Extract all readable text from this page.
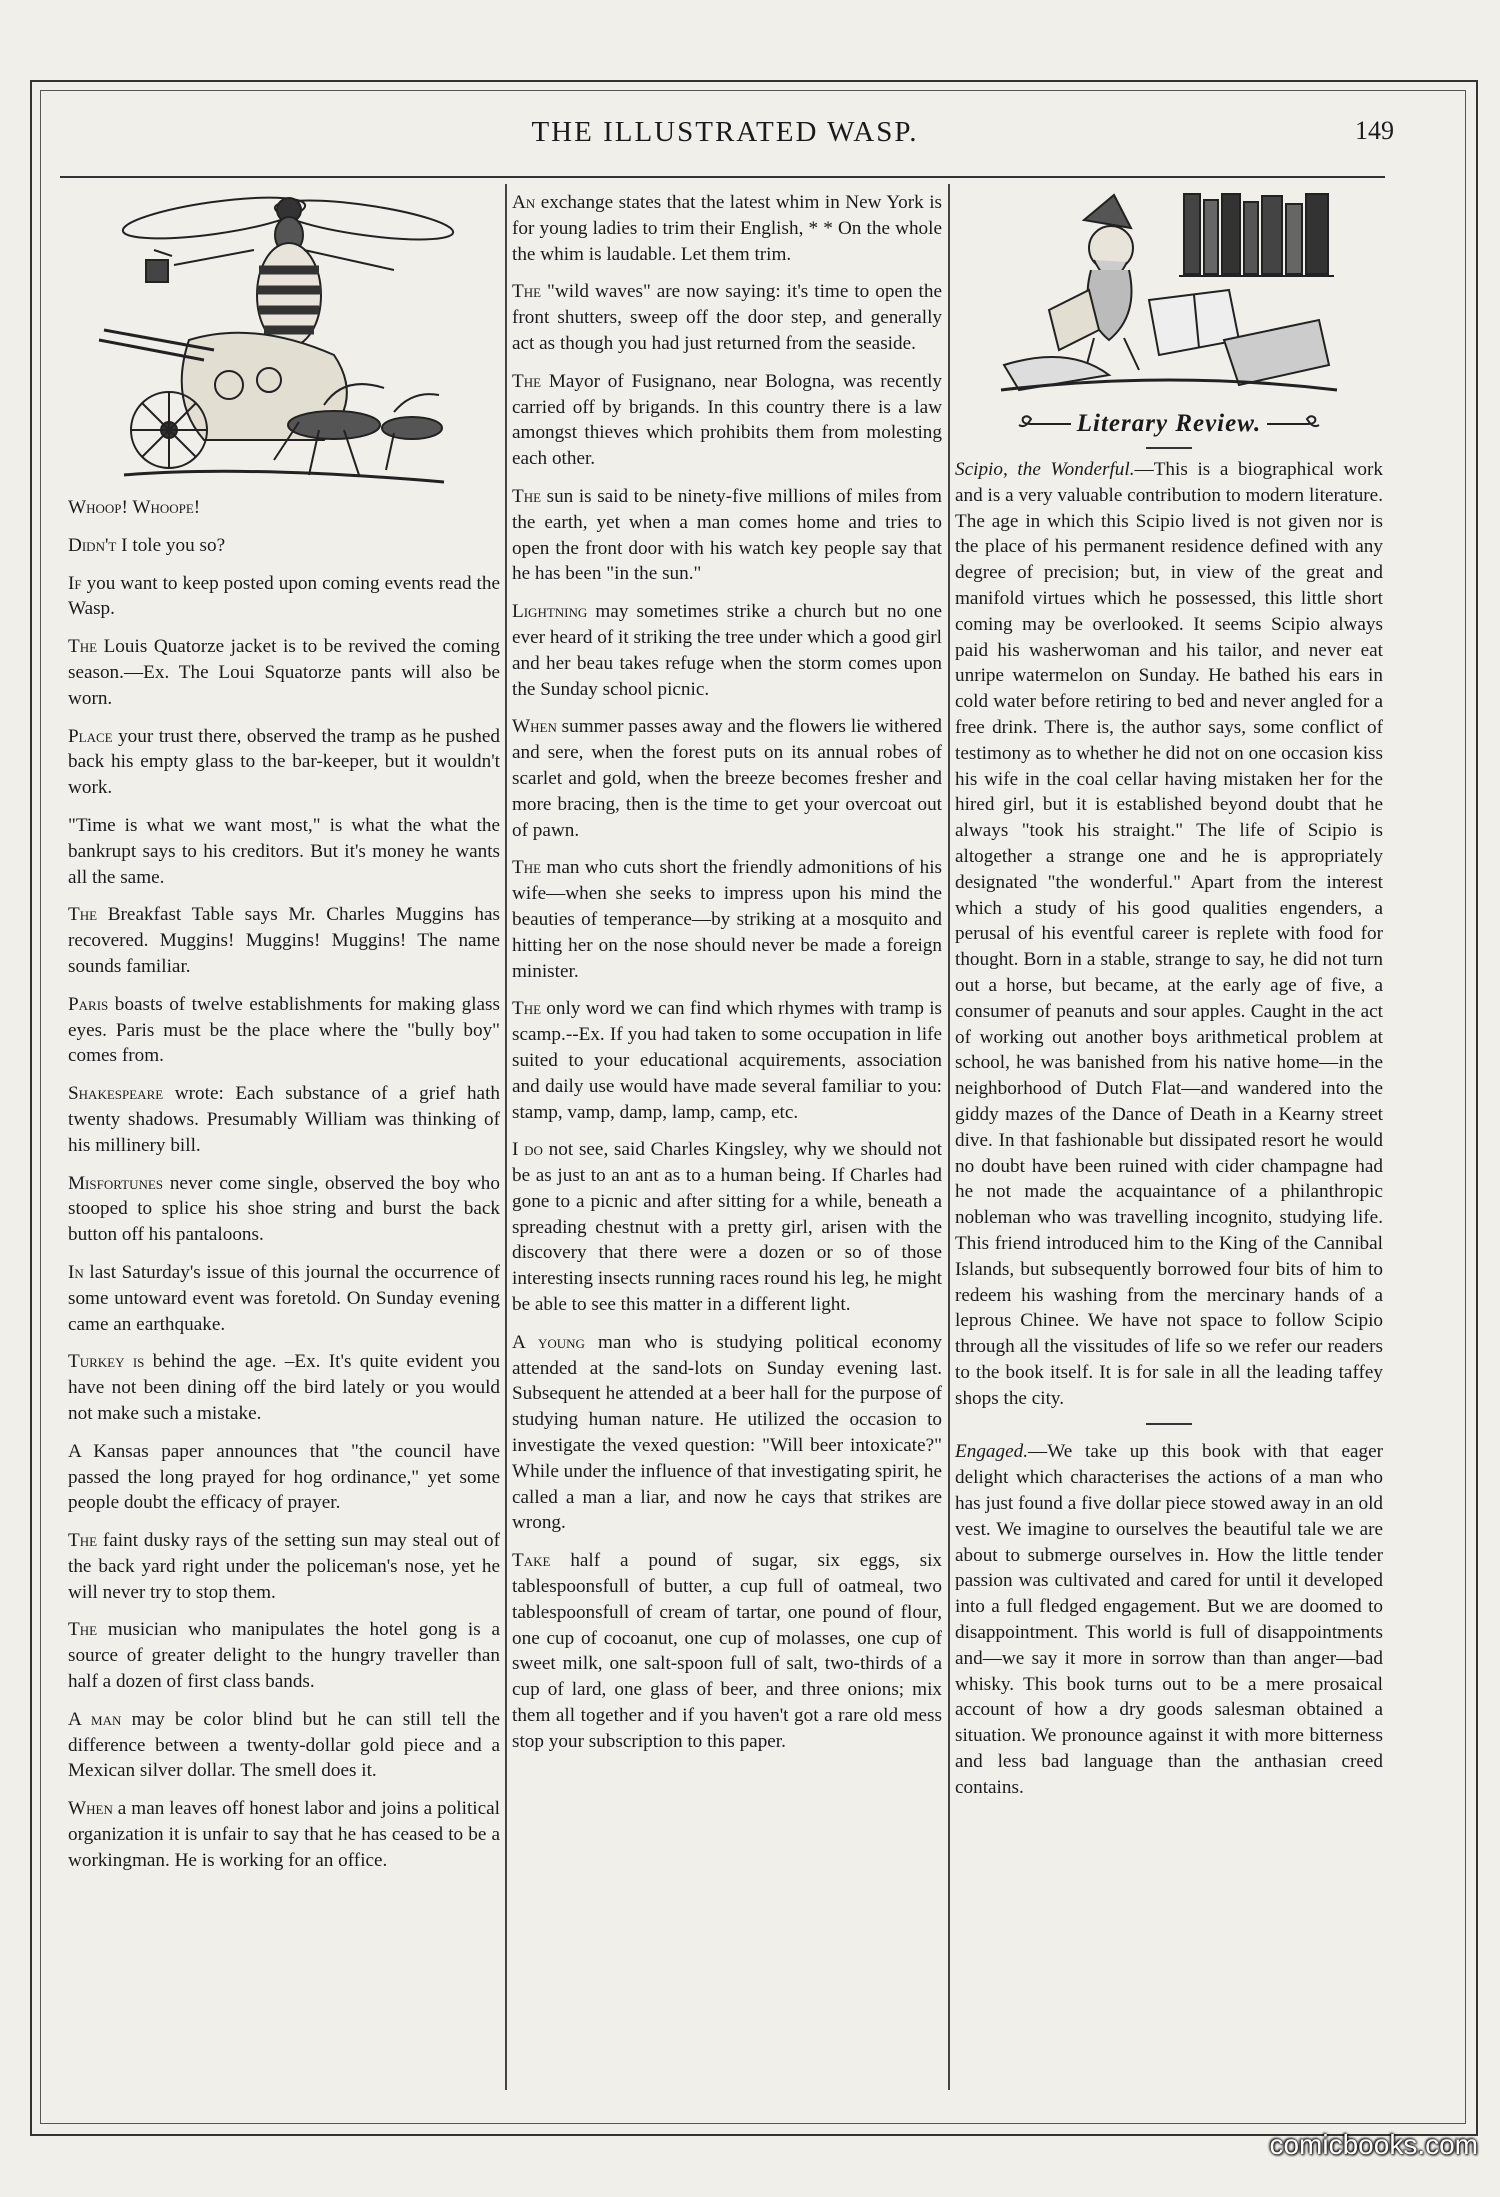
THE ILLUSTRATED WASP.	149

Whoop! Whoope!

Didn't I tole you so?

If you want to keep posted upon coming events read the Wasp.

The Louis Quatorze jacket is to be revived the coming season.—Ex. The Loui Squatorze pants will also be worn.

Place your trust there, observed the tramp as he pushed back his empty glass to the bar-keeper, but it wouldn't work.

"Time is what we want most," is what the what the bankrupt says to his creditors. But it's money he wants all the same.

The Breakfast Table says Mr. Charles Muggins has recovered. Muggins! Muggins! Muggins! The name sounds familiar.

Paris boasts of twelve establishments for making glass eyes. Paris must be the place where the "bully boy" comes from.

Shakespeare wrote: Each substance of a grief hath twenty shadows. Presumably William was thinking of his millinery bill.

Misfortunes never come single, observed the boy who stooped to splice his shoe string and burst the back button off his pantaloons.

In last Saturday's issue of this journal the occurrence of some untoward event was foretold. On Sunday evening came an earthquake.

Turkey is behind the age. –Ex. It's quite evident you have not been dining off the bird lately or you would not make such a mistake.

A Kansas paper announces that "the council have passed the long prayed for hog ordinance," yet some people doubt the efficacy of prayer.

The faint dusky rays of the setting sun may steal out of the back yard right under the policeman's nose, yet he will never try to stop them.

The musician who manipulates the hotel gong is a source of greater delight to the hungry traveller than half a dozen of first class bands.

A man may be color blind but he can still tell the difference between a twenty-dollar gold piece and a Mexican silver dollar. The smell does it.

When a man leaves off honest labor and joins a political organization it is unfair to say that he has ceased to be a workingman. He is working for an office.

An exchange states that the latest whim in New York is for young ladies to trim their English, * * On the whole the whim is laudable. Let them trim.

The "wild waves" are now saying: it's time to open the front shutters, sweep off the door step, and generally act as though you had just returned from the seaside.

The Mayor of Fusignano, near Bologna, was recently carried off by brigands. In this country there is a law amongst thieves which prohibits them from molesting each other.

The sun is said to be ninety-five millions of miles from the earth, yet when a man comes home and tries to open the front door with his watch key people say that he has been "in the sun."

Lightning may sometimes strike a church but no one ever heard of it striking the tree under which a good girl and her beau takes refuge when the storm comes upon the Sunday school picnic.

When summer passes away and the flowers lie withered and sere, when the forest puts on its annual robes of scarlet and gold, when the breeze becomes fresher and more bracing, then is the time to get your overcoat out of pawn.

The man who cuts short the friendly admonitions of his wife—when she seeks to impress upon his mind the beauties of temperance—by striking at a mosquito and hitting her on the nose should never be made a foreign minister.

The only word we can find which rhymes with tramp is scamp.--Ex. If you had taken to some occupation in life suited to your educational acquirements, association and daily use would have made several familiar to you: stamp, vamp, damp, lamp, camp, etc.

I do not see, said Charles Kingsley, why we should not be as just to an ant as to a human being. If Charles had gone to a picnic and after sitting for a while, beneath a spreading chestnut with a pretty girl, arisen with the discovery that there were a dozen or so of those interesting insects running races round his leg, he might be able to see this matter in a different light.

A young man who is studying political economy attended at the sand-lots on Sunday evening last. Subsequent he attended at a beer hall for the purpose of studying human nature. He utilized the occasion to investigate the vexed question: "Will beer intoxicate?" While under the influence of that investigating spirit, he called a man a liar, and now he cays that strikes are wrong.

Take half a pound of sugar, six eggs, six tablespoonsfull of butter, a cup full of oatmeal, two tablespoonsfull of cream of tartar, one pound of flour, one cup of cocoanut, one cup of molasses, one cup of sweet milk, one salt-spoon full of salt, two-thirds of a cup of lard, one glass of beer, and three onions; mix them all together and if you haven't got a rare old mess stop your subscription to this paper.

Literary Review.

Scipio, the Wonderful.—This is a biographical work and is a very valuable contribution to modern literature. The age in which this Scipio lived is not given nor is the place of his permanent residence defined with any degree of precision; but, in view of the great and manifold virtues which he possessed, this little short coming may be overlooked. It seems Scipio always paid his washerwoman and his tailor, and never eat unripe watermelon on Sunday. He bathed his ears in cold water before retiring to bed and never angled for a free drink. There is, the author says, some conflict of testimony as to whether he did not on one occasion kiss his wife in the coal cellar having mistaken her for the hired girl, but it is established beyond doubt that he always "took his straight." The life of Scipio is altogether a strange one and he is appropriately designated "the wonderful." Apart from the interest which a study of his good qualities engenders, a perusal of his eventful career is replete with food for thought. Born in a stable, strange to say, he did not turn out a horse, but became, at the early age of five, a consumer of peanuts and sour apples. Caught in the act of working out another boys arithmetical problem at school, he was banished from his native home—in the neighborhood of Dutch Flat—and wandered into the giddy mazes of the Dance of Death in a Kearny street dive. In that fashionable but dissipated resort he would no doubt have been ruined with cider champagne had he not made the acquaintance of a philanthropic nobleman who was travelling incognito, studying life. This friend introduced him to the King of the Cannibal Islands, but subsequently borrowed four bits of him to redeem his washing from the mercinary hands of a leprous Chinee. We have not space to follow Scipio through all the vissitudes of life so we refer our readers to the book itself. It is for sale in all the leading taffey shops the city.

Engaged.—We take up this book with that eager delight which characterises the actions of a man who has just found a five dollar piece stowed away in an old vest. We imagine to ourselves the beautiful tale we are about to submerge ourselves in. How the little tender passion was cultivated and cared for until it developed into a full fledged engagement. But we are doomed to disappointment. This world is full of disappointments and—we say it more in sorrow than than anger—bad whisky. This book turns out to be a mere prosaical account of how a dry goods salesman obtained a situation. We pronounce against it with more bitterness and less bad language than the anthasian creed contains.

comicbooks.com
